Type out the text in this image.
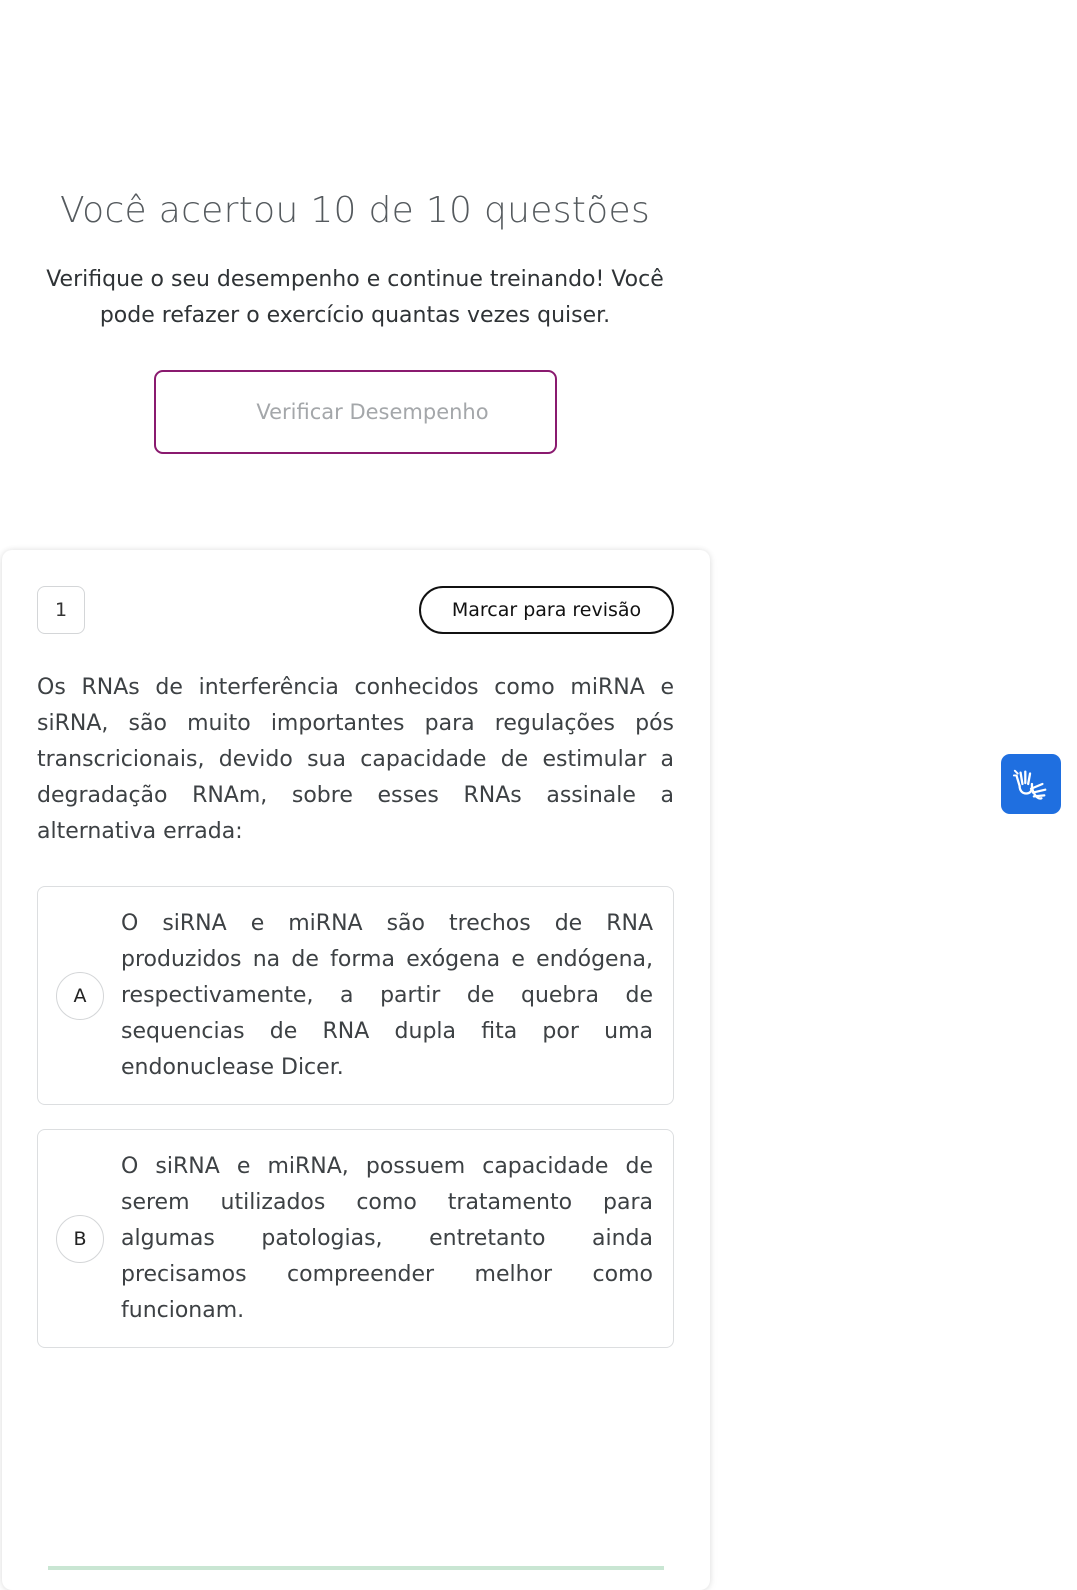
Você acertou 10 de 10 questões

Verifique o seu desempenho e continue treinando! Você pode refazer o exercício quantas vezes quiser.

Verificar Desempenho
1	Marcar para revisão

Os RNAs de interferência conhecidos como miRNA e siRNA, são muito importantes para regulações pós transcricionais, devido sua capacidade de estimular a degradação RNAm, sobre esses RNAs assinale a alternativa errada:

A

O siRNA e miRNA são trechos de RNA produzidos na de forma exógena e endógena, respectivamente, a partir de quebra de sequencias de RNA dupla fita por uma endonuclease Dicer.

B

O siRNA e miRNA, possuem capacidade de serem utilizados como tratamento para algumas patologias, entretanto ainda precisamos compreender melhor como funcionam.
